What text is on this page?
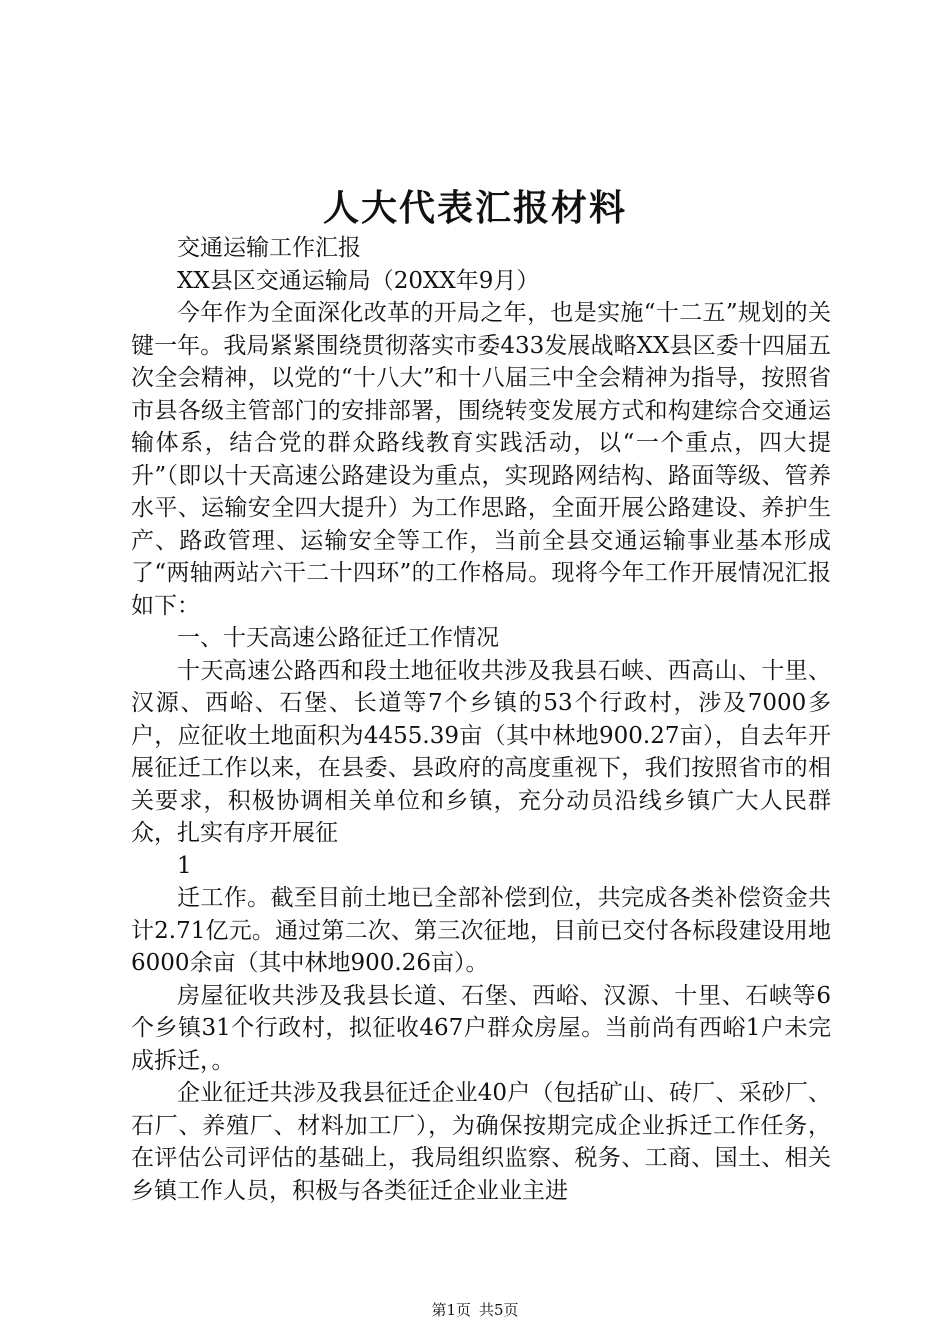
人大代表汇报材料

交通运输工作汇报

XX县区交通运输局（20XX年9月）

今年作为全面深化改革的开局之年，也是实施“十二五”规划的关键一年。我局紧紧围绕贯彻落实市委433发展战略XX县区委十四届五次全会精神，以党的“十八大”和十八届三中全会精神为指导，按照省市县各级主管部门的安排部署，围绕转变发展方式和构建综合交通运输体系，结合党的群众路线教育实践活动，以“一个重点，四大提升”（即以十天高速公路建设为重点，实现路网结构、路面等级、管养水平、运输安全四大提升）为工作思路，全面开展公路建设、养护生产、路政管理、运输安全等工作，当前全县交通运输事业基本形成了“两轴两站六干二十四环”的工作格局。现将今年工作开展情况汇报如下：

一、十天高速公路征迁工作情况

十天高速公路西和段土地征收共涉及我县石峡、西高山、十里、汉源、西峪、石堡、长道等7个乡镇的53个行政村，涉及7000多户，应征收土地面积为4455.39亩（其中林地900.27亩），自去年开展征迁工作以来，在县委、县政府的高度重视下，我们按照省市的相关要求，积极协调相关单位和乡镇，充分动员沿线乡镇广大人民群众，扎实有序开展征

1

迁工作。截至目前土地已全部补偿到位，共完成各类补偿资金共计2.71亿元。通过第二次、第三次征地，目前已交付各标段建设用地6000余亩（其中林地900.26亩）。

房屋征收共涉及我县长道、石堡、西峪、汉源、十里、石峡等6个乡镇31个行政村，拟征收467户群众房屋。当前尚有西峪1户未完成拆迁，。

企业征迁共涉及我县征迁企业40户（包括矿山、砖厂、采砂厂、石厂、养殖厂、材料加工厂），为确保按期完成企业拆迁工作任务，在评估公司评估的基础上，我局组织监察、税务、工商、国土、相关乡镇工作人员，积极与各类征迁企业业主进

第1页 共5页
